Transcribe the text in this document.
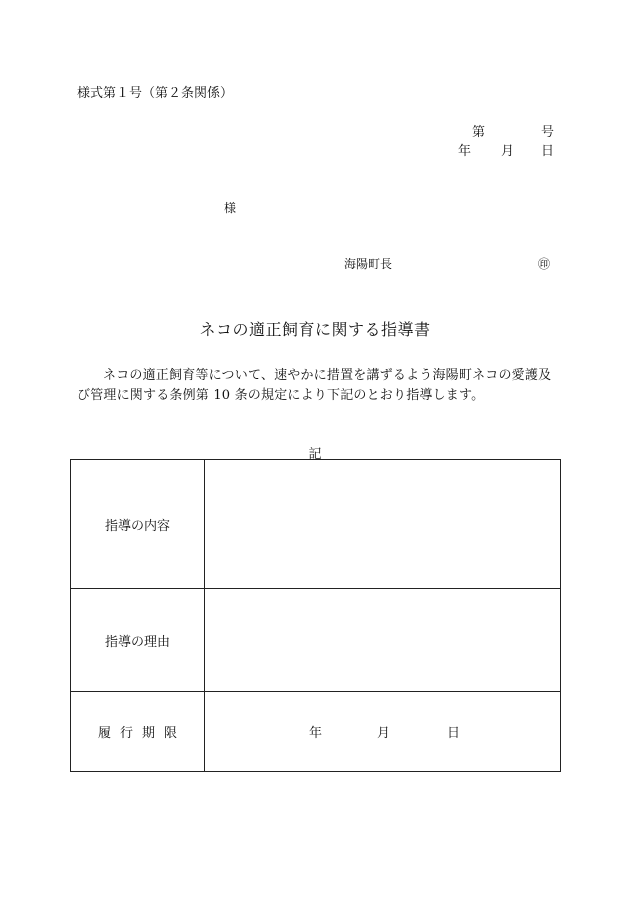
様式第１号（第２条関係）
第	号
年 月 日
様
海陽町長	㊞
ネコの適正飼育に関する指導書
ネコの適正飼育等について、速やかに措置を講ずるよう海陽町ネコの愛護及び管理に関する条例第 10 条の規定により下記のとおり指導します。
記
指導の内容	
指導の理由	
履行期限	年 月 日
